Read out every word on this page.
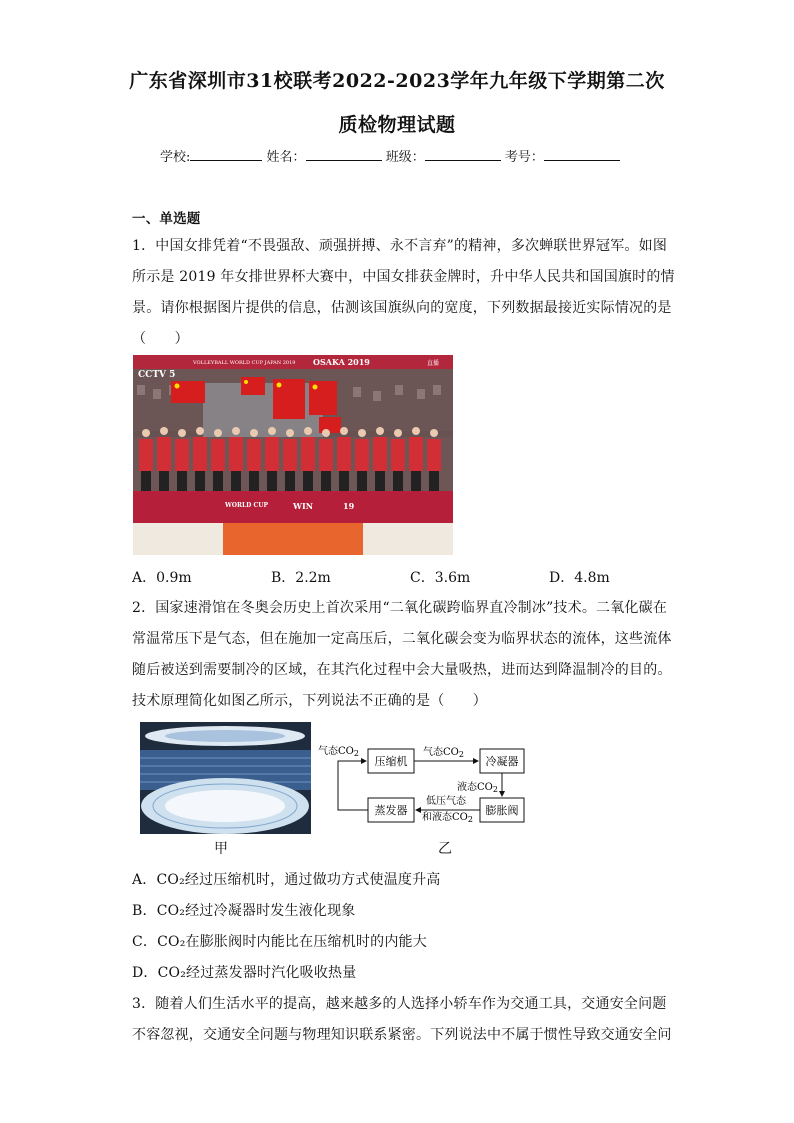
广东省深圳市31校联考2022-2023学年九年级下学期第二次
质检物理试题
学校:	姓名：	班级：	考号：
一、单选题
1．中国女排凭着“不畏强敌、顽强拼搏、永不言弃”的精神，多次蝉联世界冠军。如图
所示是 2019 年女排世界杯大赛中，中国女排获金牌时，升中华人民共和国国旗时的情
景。请你根据图片提供的信息，估测该国旗纵向的宽度，下列数据最接近实际情况的是
（　　）
CCTV 5
VOLLEYBALL WORLD CUP JAPAN 2019 OSAKA 2019	直播
WORLD CUP	WIN	19
A．0.9m	B．2.2m	C．3.6m	D．4.8m
2．国家速滑馆在冬奥会历史上首次采用“二氧化碳跨临界直冷制冰”技术。二氧化碳在
常温常压下是气态，但在施加一定高压后，二氧化碳会变为临界状态的流体，这些流体
随后被送到需要制冷的区域，在其汽化过程中会大量吸热，进而达到降温制冷的目的。
技术原理简化如图乙所示，下列说法不正确的是（　　）
甲	乙
压缩机	冷凝器
膨胀阀
蒸发器
气态$CO_2$	气态$CO_2$
液态$CO_2$
低压气态
和液态$CO_2$
A．CO₂经过压缩机时，通过做功方式使温度升高
B．CO₂经过冷凝器时发生液化现象
C．CO₂在膨胀阀时内能比在压缩机时的内能大
D．CO₂经过蒸发器时汽化吸收热量
3．随着人们生活水平的提高，越来越多的人选择小轿车作为交通工具，交通安全问题
不容忽视，交通安全问题与物理知识联系紧密。下列说法中不属于惯性导致交通安全问
